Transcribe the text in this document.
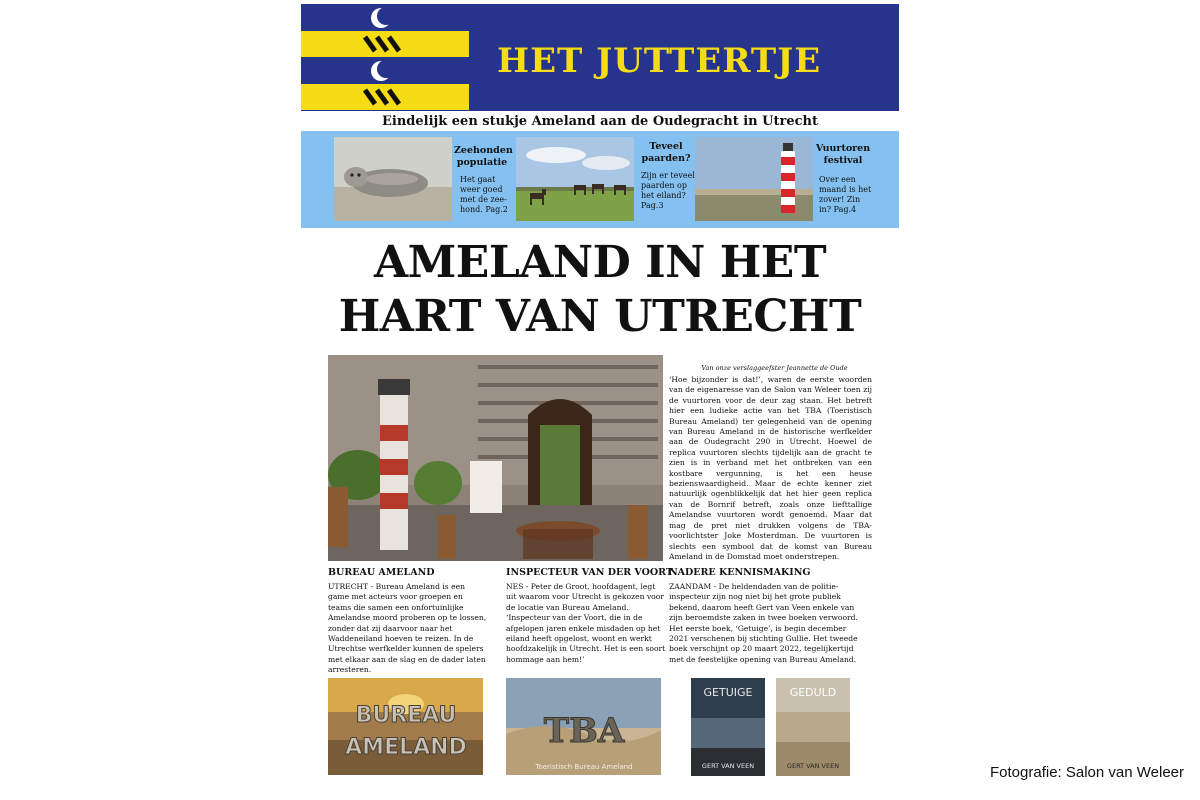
HET JUTTERTJE
Eindelijk een stukje Ameland aan de Oudegracht in Utrecht
Zeehonden
populatie
Het gaat
weer goed
met de zee-
hond. Pag.2
Teveel
paarden?
Zijn er teveel
paarden op
het eiland?
Pag.3
Vuurtoren
festival
Over een
maand is het
zover! Zin
in? Pag.4
AMELAND IN HET
HART VAN UTRECHT
Van onze verslaggeefster Jeannette de Oude
‘Hoe bijzonder is dat!’, waren de eerste woorden van de eigenaresse van de Salon van Weleer toen zij de vuurtoren voor de deur zag staan. Het betreft hier een ludieke actie van het TBA (Toeristisch Bureau Ameland) ter gelegenheid van de opening van Bureau Ameland in de historische werfkelder aan de Oudegracht 290 in Utrecht. Hoewel de replica vuurtoren slechts tijdelijk aan de gracht te zien is in verband met het ontbreken van een kostbare vergunning, is het een heuse bezienswaardigheid. Maar de echte kenner ziet natuurlijk ogenblikkelijk dat het hier geen replica van de Bornrif betreft, zoals onze liefttallige Amelandse vuurtoren wordt genoemd. Maar dat mag de pret niet drukken volgens de TBA-voorlichtster Joke Mosterdman. De vuurtoren is slechts een symbool dat de komst van Bureau Ameland in de Domstad moet onderstrepen.
BUREAU AMELAND
UTRECHT - Bureau Ameland is een game met acteurs voor groepen en teams die samen een onfortuinlijke Amelandse moord proberen op te lossen, zonder dat zij daarvoor naar het Waddeneiland hoeven te reizen. In de Utrechtse werfkelder kunnen de spelers met elkaar aan de slag en de dader laten arresteren.
INSPECTEUR VAN DER VOORT
NES - Peter de Groot, hoofdagent, legt uit waarom voor Utrecht is gekozen voor de locatie van Bureau Ameland. ‘Inspecteur van der Voort, die in de afgelopen jaren enkele misdaden op het eiland heeft opgelost, woont en werkt hoofdzakelijk in Utrecht. Het is een soort hommage aan hem!’
NADERE KENNISMAKING
ZAANDAM - De heldendaden van de politie-inspecteur zijn nog niet bij het grote publiek bekend, daarom heeft Gert van Veen enkele van zijn beroemdste zaken in twee boeken verwoord. Het eerste boek, ‘Getuige’, is begin december 2021 verschenen bij stichting Gullie. Het tweede boek verschijnt op 20 maart 2022, tegelijkertijd met de feestelijke opening van Bureau Ameland.
BUREAU
AMELAND TBA
Toeristisch Bureau Ameland
GETUIGE
GERT VAN VEEN
GEDULD
GERT VAN VEEN	Fotografie: Salon van Weleer
